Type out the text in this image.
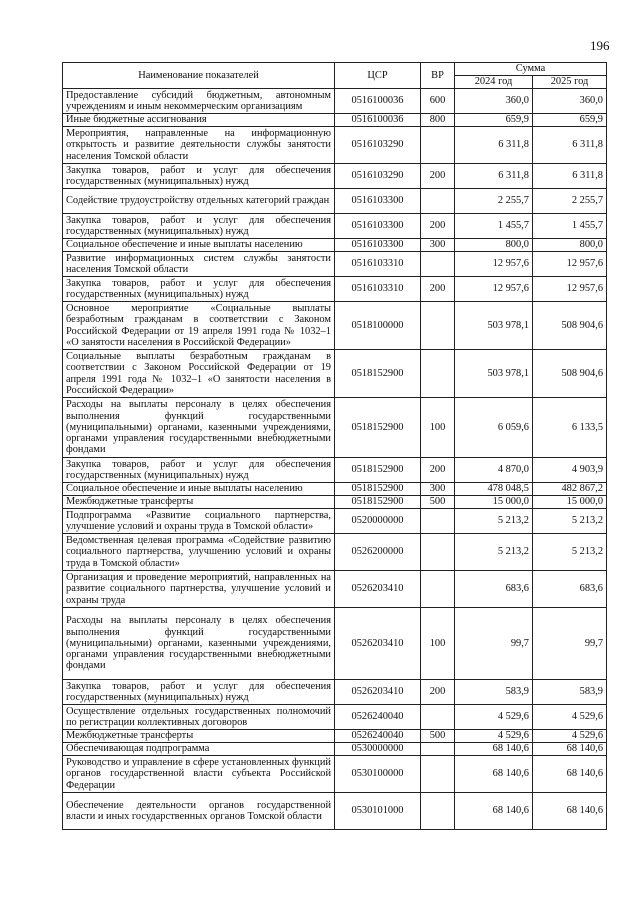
196
Наименование показателей	ЦСР	ВР	Сумма	
			2024 год	2025 год
Предоставление субсидий бюджетным, автономным учреждениям и иным некоммерческим организациям	0516100036	600	360,0	360,0
Иные бюджетные ассигнования	0516100036	800	659,9	659,9
Мероприятия, направленные на информационную открытость и развитие деятельности службы занятости населения Томской области	0516103290		6 311,8	6 311,8
Закупка товаров, работ и услуг для обеспечения государственных (муниципальных) нужд	0516103290	200	6 311,8	6 311,8
Содействие трудоустройству отдельных категорий граждан	0516103300		2 255,7	2 255,7
Закупка товаров, работ и услуг для обеспечения государственных (муниципальных) нужд	0516103300	200	1 455,7	1 455,7
Социальное обеспечение и иные выплаты населению	0516103300	300	800,0	800,0
Развитие информационных систем службы занятости населения Томской области	0516103310		12 957,6	12 957,6
Закупка товаров, работ и услуг для обеспечения государственных (муниципальных) нужд	0516103310	200	12 957,6	12 957,6
Основное мероприятие «Социальные выплаты безработным гражданам в соответствии с Законом Российской Федерации от 19 апреля 1991 года № 1032–1 «О занятости населения в Российской Федерации»	0518100000		503 978,1	508 904,6
Социальные выплаты безработным гражданам в соответствии с Законом Российской Федерации от 19 апреля 1991 года № 1032–1 «О занятости населения в Российской Федерации»	0518152900		503 978,1	508 904,6
Расходы на выплаты персоналу в целях обеспечения выполнения функций государственными (муниципальными) органами, казенными учреждениями, органами управления государственными внебюджетными фондами	0518152900	100	6 059,6	6 133,5
Закупка товаров, работ и услуг для обеспечения государственных (муниципальных) нужд	0518152900	200	4 870,0	4 903,9
Социальное обеспечение и иные выплаты населению	0518152900	300	478 048,5	482 867,2
Межбюджетные трансферты	0518152900	500	15 000,0	15 000,0
Подпрограмма «Развитие социального партнерства, улучшение условий и охраны труда в Томской области»	0520000000		5 213,2	5 213,2
Ведомственная целевая программа «Содействие развитию социального партнерства, улучшению условий и охраны труда в Томской области»	0526200000		5 213,2	5 213,2
Организация и проведение мероприятий, направленных на развитие социального партнерства, улучшение условий и охраны труда	0526203410		683,6	683,6
Расходы на выплаты персоналу в целях обеспечения выполнения функций государственными (муниципальными) органами, казенными учреждениями, органами управления государственными внебюджетными фондами	0526203410	100	99,7	99,7
Закупка товаров, работ и услуг для обеспечения государственных (муниципальных) нужд	0526203410	200	583,9	583,9
Осуществление отдельных государственных полномочий по регистрации коллективных договоров	0526240040		4 529,6	4 529,6
Межбюджетные трансферты	0526240040	500	4 529,6	4 529,6
Обеспечивающая подпрограмма	0530000000		68 140,6	68 140,6
Руководство и управление в сфере установленных функций органов государственной власти субъекта Российской Федерации	0530100000		68 140,6	68 140,6
Обеспечение деятельности органов государственной власти и иных государственных органов Томской области	0530101000		68 140,6	68 140,6
